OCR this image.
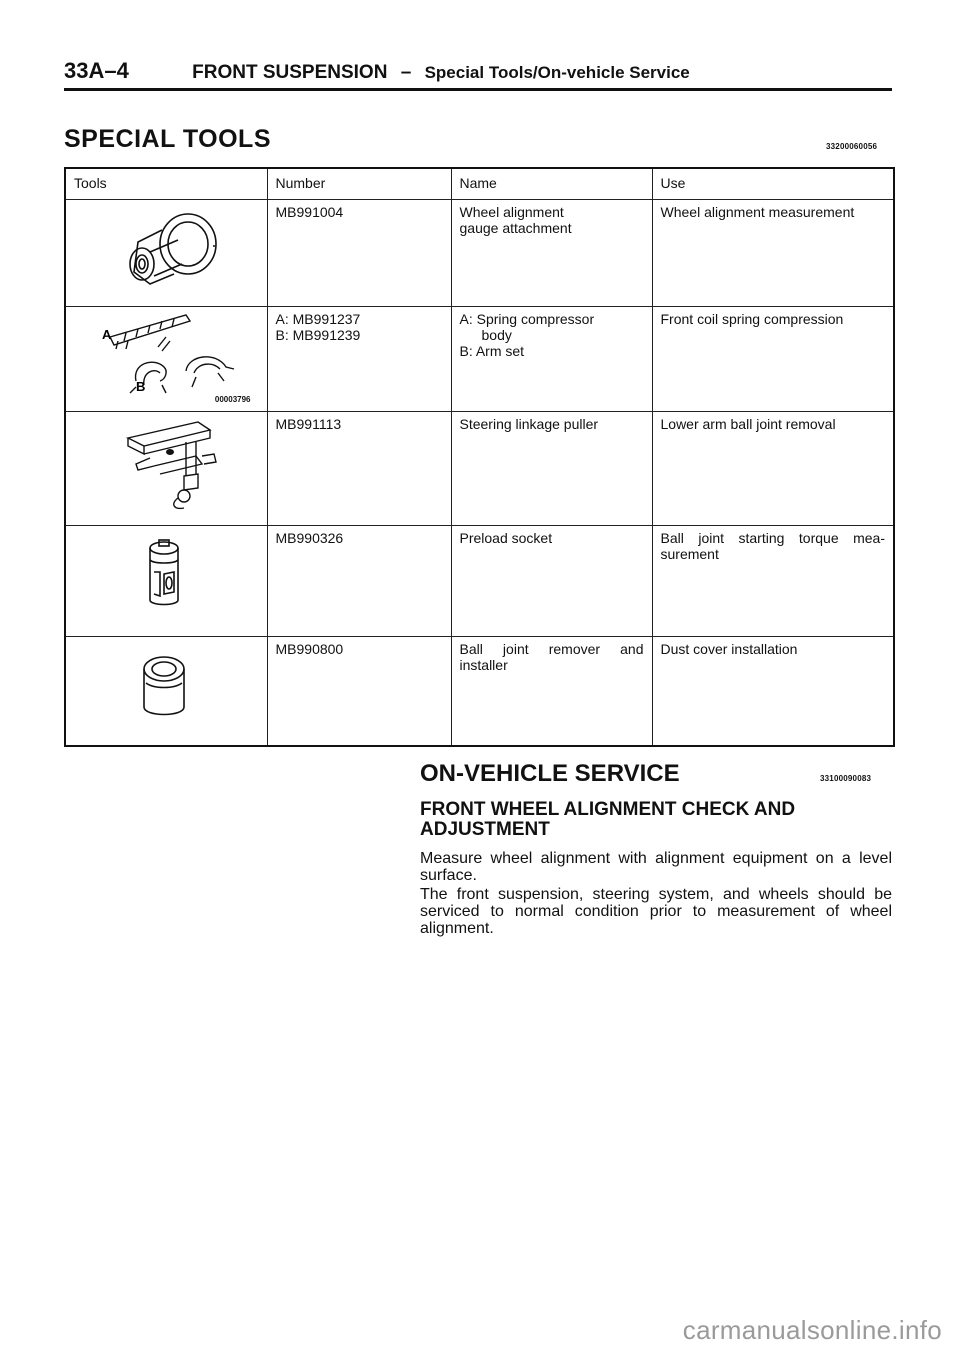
33A–4	FRONT SUSPENSION – Special Tools/On-vehicle Service
SPECIAL TOOLS	33200060056
Tools	Number	Name	Use

	MB991004	Wheel alignment
gauge attachment	Wheel alignment measurement

A
B
00003796	A: MB991237
B: MB991239	A: Spring compressor
body
B: Arm set	Front coil spring compression

	MB991113	Steering linkage puller	Lower arm ball joint removal

	MB990326	Preload socket	Ball joint starting torque mea-
surement

	MB990800	Ball joint remover and
installer	Dust cover installation
ON-VEHICLE SERVICE	33100090083
FRONT WHEEL ALIGNMENT CHECK AND ADJUSTMENT

Measure wheel alignment with alignment equipment on a level surface.

The front suspension, steering system, and wheels should be serviced to normal condition prior to measurement of wheel alignment.

carmanualsonline.info
